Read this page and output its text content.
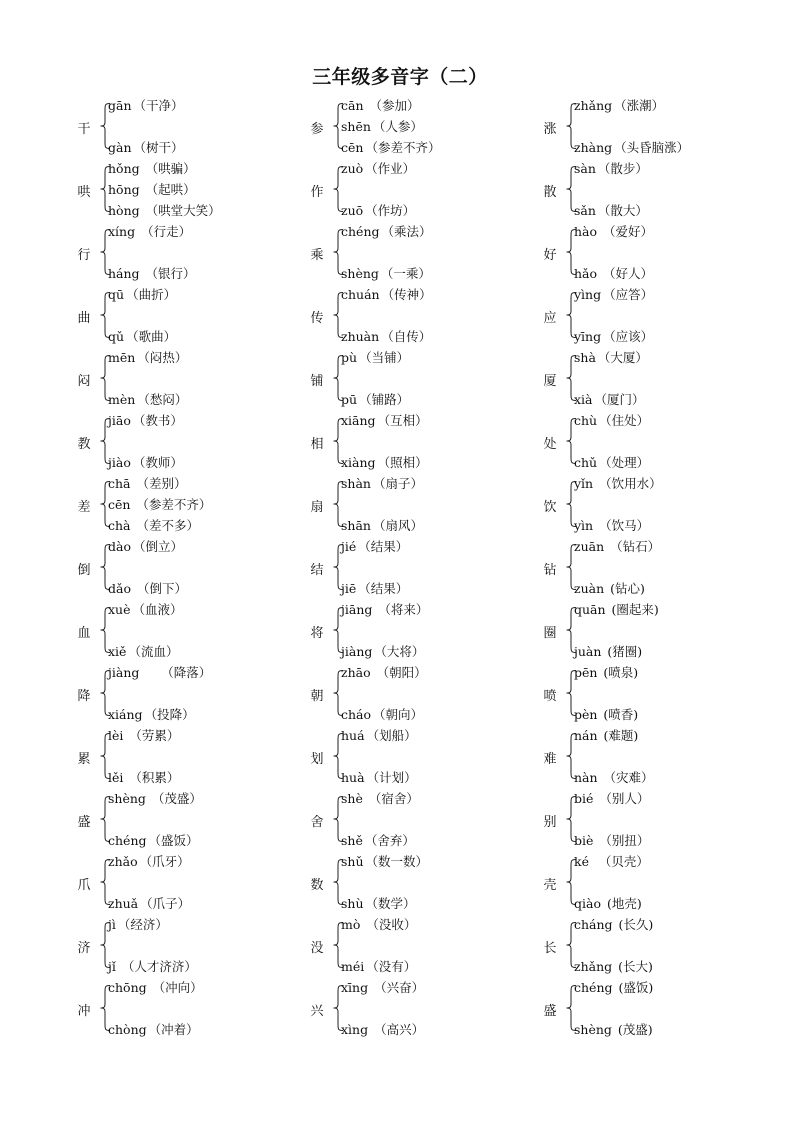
三年级多音字（二）
干
gān （干净）
gàn （树干）
哄
hǒng （哄骗）
hōng （起哄）
hòng （哄堂大笑）
行
xíng （行走）
háng （银行）
曲
qū （曲折）
qǔ （歌曲）
闷
mēn （闷热）
mèn （愁闷）
教
jiāo （教书）
jiào （教师）
差
chā （差别）
cēn （参差不齐）
chà （差不多）
倒
dào （倒立）
dǎo （倒下）
血
xuè （血液）
xiě （流血）
降
jiàng     （降落）
xiáng （投降）
累
lèi （劳累）
lěi （积累）
盛
shèng （茂盛）
chéng （盛饭）
爪
zhǎo （爪牙）
zhuǎ （爪子）
济
jì （经济）
jǐ （人才济济）
冲
chōng （冲向）
chòng （冲着）
参
cān （参加）
shēn （人参）
cēn （参差不齐）
作
zuò （作业）
zuō （作坊）
乘
chéng （乘法）
shèng （一乘）
传
chuán （传神）
zhuàn （自传）
铺
pù （当铺）
pū （铺路）
相
xiāng （互相）
xiàng （照相）
扇
shàn （扇子）
shān （扇风）
结
jié （结果）
jiē （结果）
将
jiāng （将来）
jiàng （大将）
朝
zhāo （朝阳）
cháo （朝向）
划
huá （划船）
huà （计划）
舍
shè （宿舍）
shě （舍弃）
数
shǔ （数一数）
shù （数学）
没
mò （没收）
méi （没有）
兴
xīng （兴奋）
xìng （高兴）
涨
zhǎng （涨潮）
zhàng （头昏脑涨）
散
sàn （散步）
sǎn （散大）
好
hào （爱好）
hǎo （好人）
应
yìng （应答）
yīng （应该）
厦
shà （大厦）
xià （厦门）
处
chù （住处）
chǔ （处理）
饮
yǐn （饮用水）
yìn （饮马）
钻
zuān （钻石）
zuàn (钻心)
圈
quān (圈起来)
juàn (猪圈)
喷
pēn (喷泉)
pèn (喷香)
难
nán (难题)
nàn （灾难）
别
bié （别人）
biè （别扭）
壳
ké  （贝壳）
qiào (地壳)
长
cháng (长久)
zhǎng (长大)
盛
chéng (盛饭)
shèng (茂盛)
